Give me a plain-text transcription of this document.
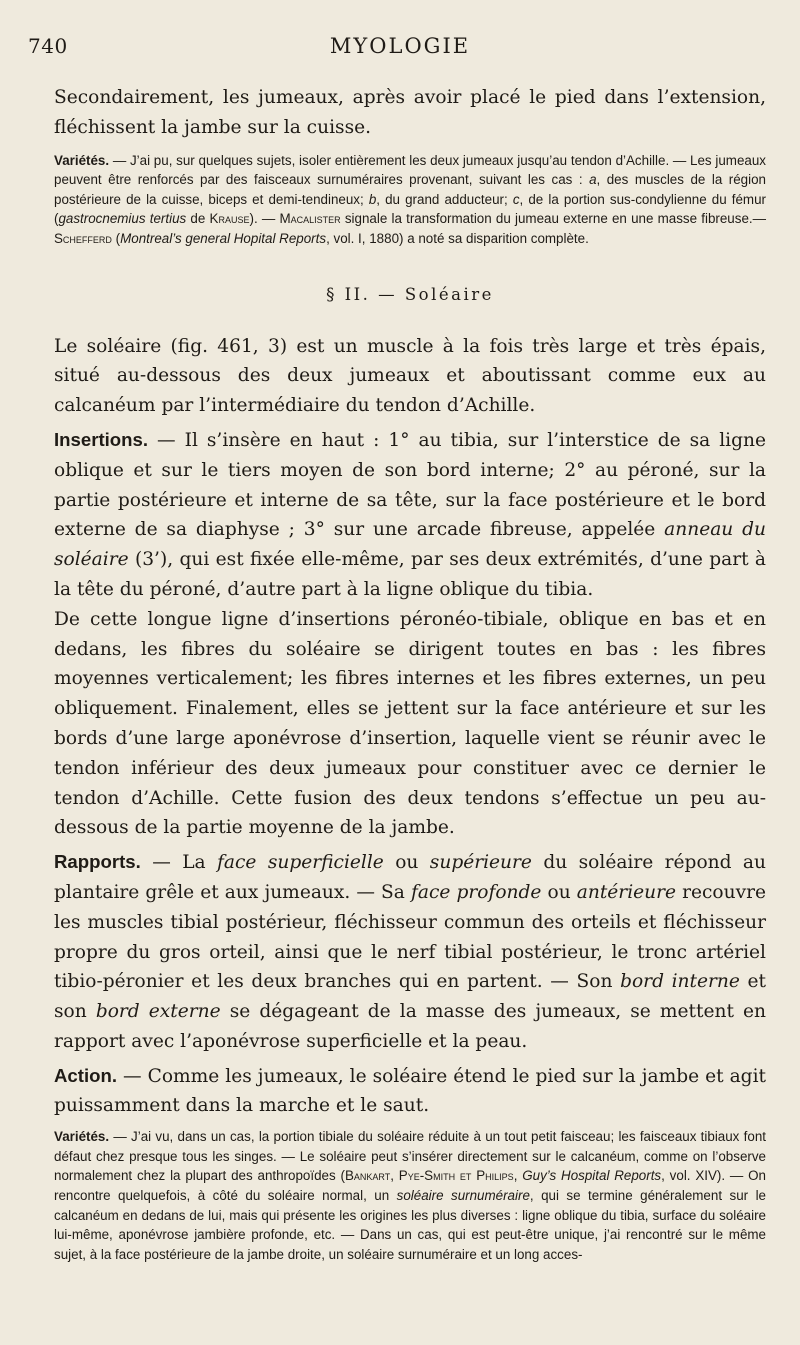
740	MYOLOGIE

Secondairement, les jumeaux, après avoir placé le pied dans l’extension, fléchissent la jambe sur la cuisse.

Variétés. — J’ai pu, sur quelques sujets, isoler entièrement les deux jumeaux jusqu’au tendon d’Achille. — Les jumeaux peuvent être renforcés par des faisceaux surnuméraires provenant, suivant les cas : a, des muscles de la région postérieure de la cuisse, biceps et demi-tendineux; b, du grand adducteur; c, de la portion sus-condylienne du fémur (gastrocnemius tertius de Krause). — Macalister signale la transformation du jumeau externe en une masse fibreuse.— Schefferd (Montreal’s general Hopital Reports, vol. I, 1880) a noté sa disparition complète.

§ II. — Soléaire

Le soléaire (fig. 461, 3) est un muscle à la fois très large et très épais, situé au-dessous des deux jumeaux et aboutissant comme eux au calcanéum par l’intermédiaire du tendon d’Achille.

Insertions. — Il s’insère en haut : 1° au tibia, sur l’interstice de sa ligne oblique et sur le tiers moyen de son bord interne; 2° au péroné, sur la partie postérieure et interne de sa tête, sur la face postérieure et le bord externe de sa diaphyse ; 3° sur une arcade fibreuse, appelée anneau du soléaire (3’), qui est fixée elle-même, par ses deux extrémités, d’une part à la tête du péroné, d’autre part à la ligne oblique du tibia.

De cette longue ligne d’insertions péronéo-tibiale, oblique en bas et en dedans, les fibres du soléaire se dirigent toutes en bas : les fibres moyennes verticalement; les fibres internes et les fibres externes, un peu obliquement. Finalement, elles se jettent sur la face antérieure et sur les bords d’une large aponévrose d’insertion, laquelle vient se réunir avec le tendon inférieur des deux jumeaux pour constituer avec ce dernier le tendon d’Achille. Cette fusion des deux tendons s’effectue un peu au-dessous de la partie moyenne de la jambe.

Rapports. — La face superficielle ou supérieure du soléaire répond au plantaire grêle et aux jumeaux. — Sa face profonde ou antérieure recouvre les muscles tibial postérieur, fléchisseur commun des orteils et fléchisseur propre du gros orteil, ainsi que le nerf tibial postérieur, le tronc artériel tibio-péronier et les deux branches qui en partent. — Son bord interne et son bord externe se dégageant de la masse des jumeaux, se mettent en rapport avec l’aponévrose superficielle et la peau.

Action. — Comme les jumeaux, le soléaire étend le pied sur la jambe et agit puissamment dans la marche et le saut.

Variétés. — J’ai vu, dans un cas, la portion tibiale du soléaire réduite à un tout petit faisceau; les faisceaux tibiaux font défaut chez presque tous les singes. — Le soléaire peut s’insérer directement sur le calcanéum, comme on l’observe normalement chez la plupart des anthropoïdes (Bankart, Pye-Smith et Philips, Guy’s Hospital Reports, vol. XIV). — On rencontre quelquefois, à côté du soléaire normal, un soléaire surnuméraire, qui se termine généralement sur le calcanéum en dedans de lui, mais qui présente les origines les plus diverses : ligne oblique du tibia, surface du soléaire lui-même, aponévrose jambière profonde, etc. — Dans un cas, qui est peut-être unique, j’ai rencontré sur le même sujet, à la face postérieure de la jambe droite, un soléaire surnuméraire et un long acces-
